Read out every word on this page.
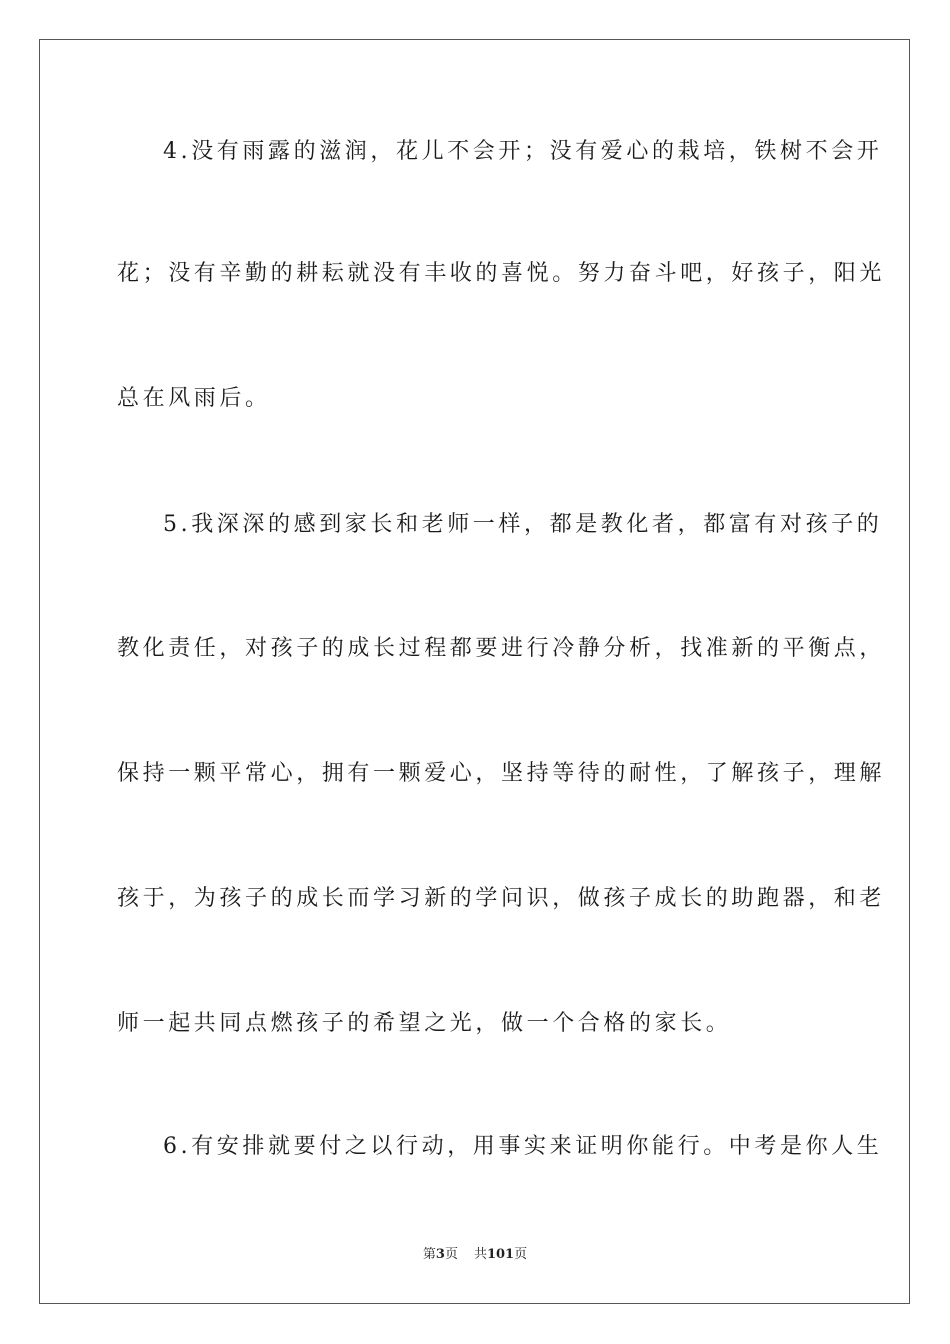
4.没有雨露的滋润，花儿不会开；没有爱心的栽培，铁树不会开
花；没有辛勤的耕耘就没有丰收的喜悦。努力奋斗吧，好孩子，阳光
总在风雨后。
5.我深深的感到家长和老师一样，都是教化者，都富有对孩子的
教化责任，对孩子的成长过程都要进行冷静分析，找准新的平衡点，
保持一颗平常心，拥有一颗爱心，坚持等待的耐性，了解孩子，理解
孩于，为孩子的成长而学习新的学问识，做孩子成长的助跑器，和老
师一起共同点燃孩子的希望之光，做一个合格的家长。
6.有安排就要付之以行动，用事实来证明你能行。中考是你人生
第3页 共101页
